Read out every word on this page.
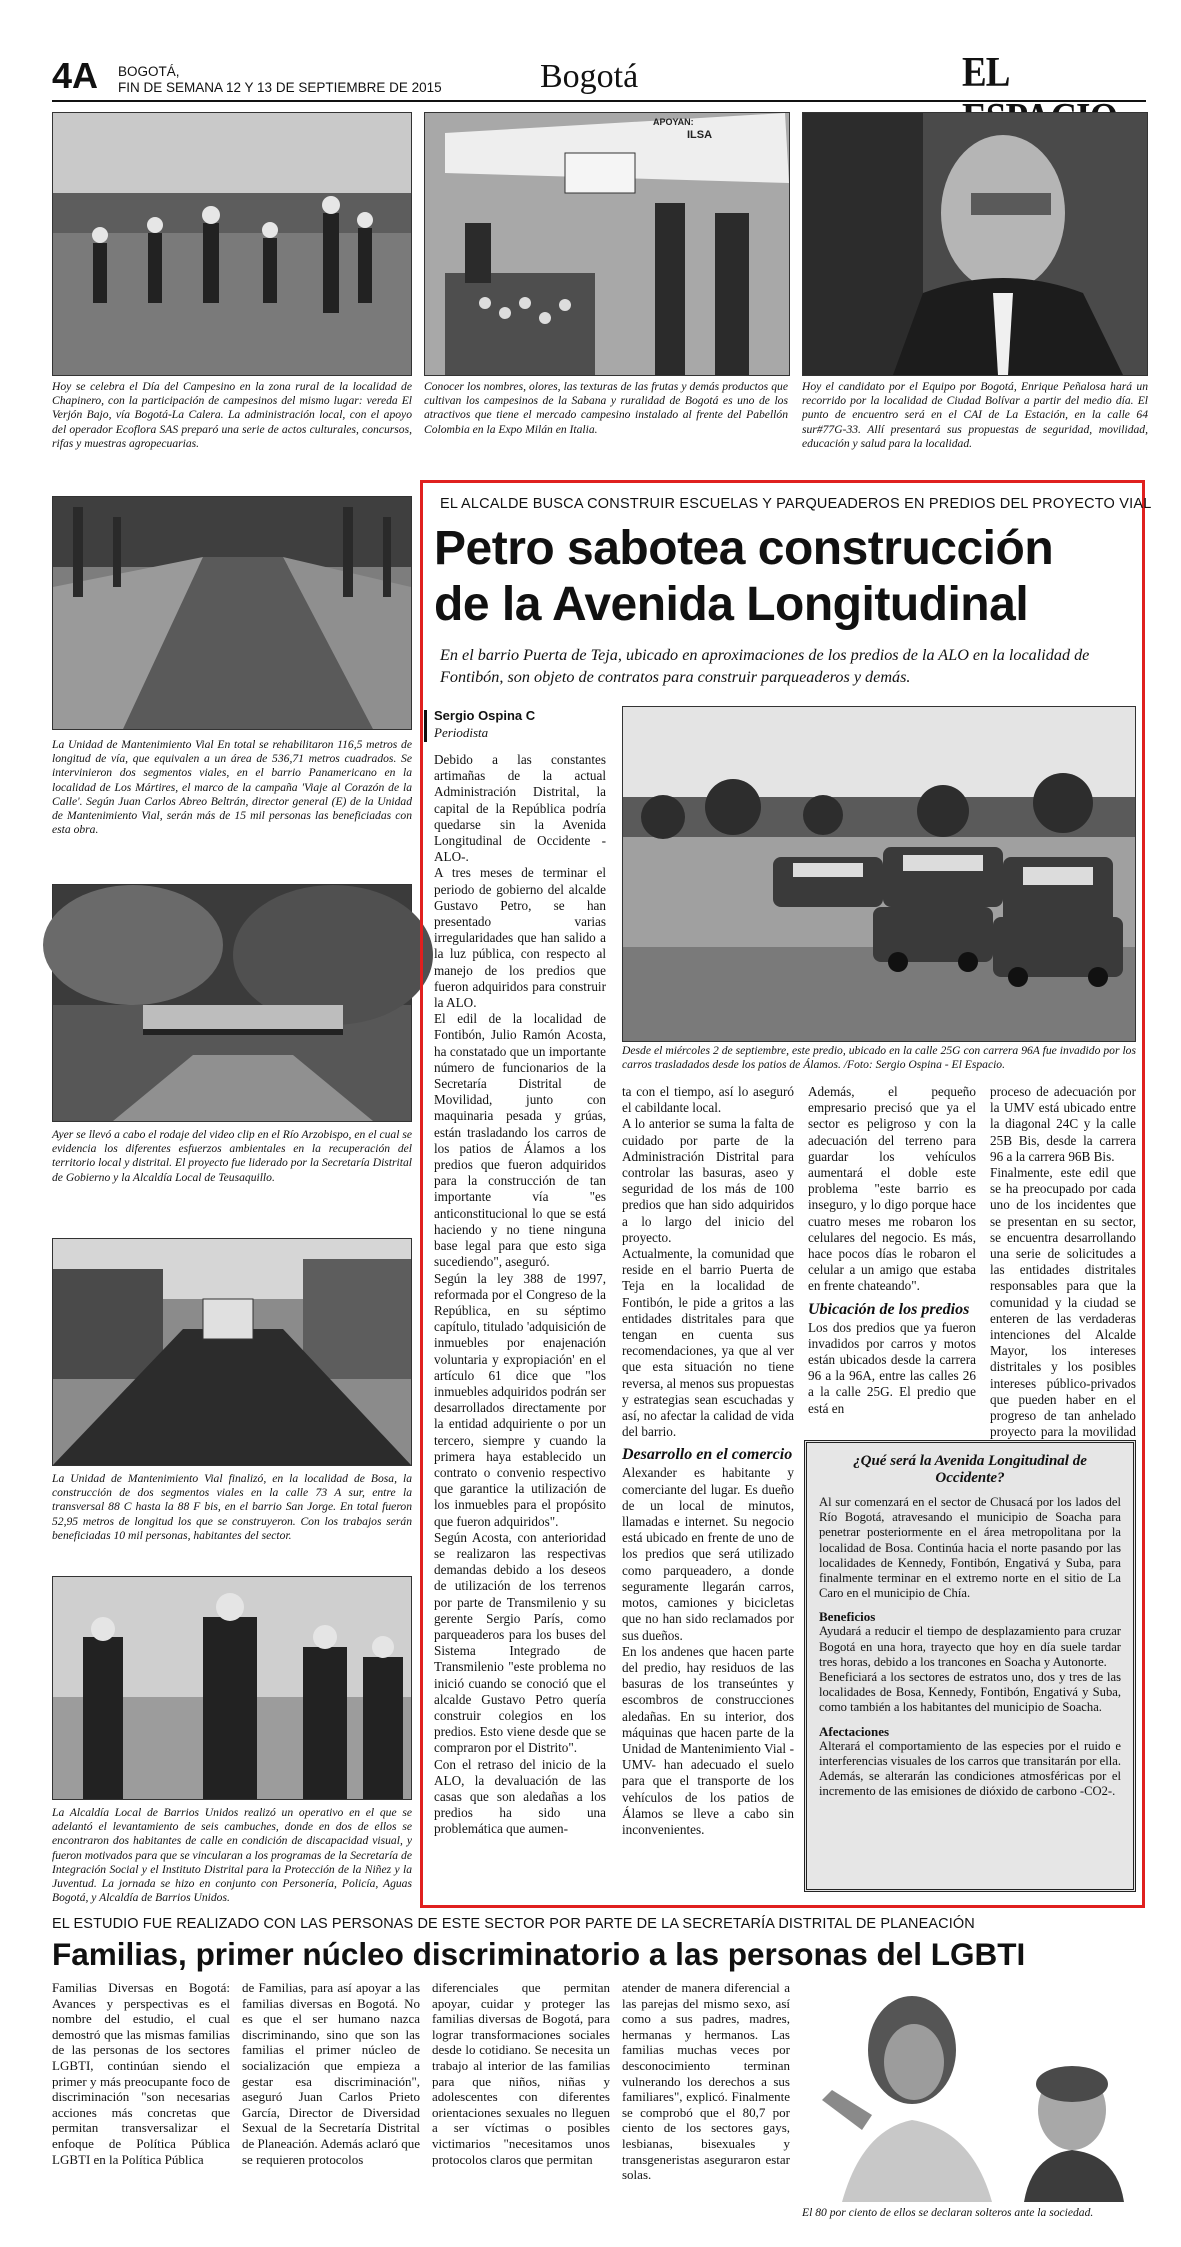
4A BOGOTÁ,
FIN DE SEMANA 12 Y 13 DE SEPTIEMBRE DE 2015	Bogotá	EL
Hoy se celebra el Día del Campesino en la zona rural de la localidad de Chapinero, con la participación de campesinos del mismo lugar: vereda El Verjón Bajo, vía Bogotá-La Calera. La administración local, con el apoyo del operador Ecoflora SAS preparó una serie de actos culturales, concursos, rifas y muestras agropecuarias.
APOYAN:
ILSA
Conocer los nombres, olores, las texturas de las frutas y demás productos que cultivan los campesinos de la Sabana y ruralidad de Bogotá es uno de los atractivos que tiene el mercado campesino instalado al frente del Pabellón Colombia en la Expo Milán en Italia.
Hoy el candidato por el Equipo por Bogotá, Enrique Peñalosa hará un recorrido por la localidad de Ciudad Bolívar a partir del medio día. El punto de encuentro será en el CAI de La Estación, en la calle 64 sur#77G-33. Allí presentará sus propuestas de seguridad, movilidad, educación y salud para la localidad.
La Unidad de Mantenimiento Vial En total se rehabilitaron 116,5 metros de longitud de vía, que equivalen a un área de 536,71 metros cuadrados. Se intervinieron dos segmentos viales, en el barrio Panamericano en la localidad de Los Mártires, el marco de la campaña 'Viaje al Corazón de la Calle'. Según Juan Carlos Abreo Beltrán, director general (E) de la Unidad de Mantenimiento Vial, serán más de 15 mil personas las beneficiadas con esta obra.
Ayer se llevó a cabo el rodaje del video clip en el Río Arzobispo, en el cual se evidencia los diferentes esfuerzos ambientales en la recuperación del territorio local y distrital. El proyecto fue liderado por la Secretaría Distrital de Gobierno y la Alcaldía Local de Teusaquillo.
La Unidad de Mantenimiento Vial finalizó, en la localidad de Bosa, la construcción de dos segmentos viales en la calle 73 A sur, entre la transversal 88 C hasta la 88 F bis, en el barrio San Jorge. En total fueron 52,95 metros de longitud los que se construyeron. Con los trabajos serán beneficiadas 10 mil personas, habitantes del sector.
La Alcaldía Local de Barrios Unidos realizó un operativo en el que se adelantó el levantamiento de seis cambuches, donde en dos de ellos se encontraron dos habitantes de calle en condición de discapacidad visual, y fueron motivados para que se vincularan a los programas de la Secretaría de Integración Social y el Instituto Distrital para la Protección de la Niñez y la Juventud. La jornada se hizo en conjunto con Personería, Policía, Aguas Bogotá, y Alcaldía de Barrios Unidos.
EL ALCALDE BUSCA CONSTRUIR ESCUELAS Y PARQUEADEROS EN PREDIOS DEL PROYECTO VIAL
Petro sabotea construcción
de la Avenida Longitudinal
En el barrio Puerta de Teja, ubicado en aproximaciones de los predios de la ALO en la localidad de Fontibón, son objeto de contratos para construir parqueaderos y demás.
Sergio Ospina C
Periodista
Desde el miércoles 2 de septiembre, este predio, ubicado en la calle 25G con carrera 96A fue invadido por los carros trasladados desde los patios de Álamos. /Foto: Sergio Ospina - El Espacio.

Debido a las constantes artimañas de la actual Administración Distrital, la capital de la República podría quedarse sin la Avenida Longitudinal de Occidente -ALO-.

A tres meses de terminar el periodo de gobierno del alcalde Gustavo Petro, se han presentado varias irregularidades que han salido a la luz pública, con respecto al manejo de los predios que fueron adquiridos para construir la ALO.

El edil de la localidad de Fontibón, Julio Ramón Acosta, ha constatado que un importante número de funcionarios de la Secretaría Distrital de Movilidad, junto con maquinaria pesada y grúas, están trasladando los carros de los patios de Álamos a los predios que fueron adquiridos para la construcción de tan importante vía "es anticonstitucional lo que se está haciendo y no tiene ninguna base legal para que esto siga sucediendo", aseguró.

Según la ley 388 de 1997, reformada por el Congreso de la República, en su séptimo capítulo, titulado 'adquisición de inmuebles por enajenación voluntaria y expropiación' en el artículo 61 dice que "los inmuebles adquiridos podrán ser desarrollados directamente por la entidad adquiriente o por un tercero, siempre y cuando la primera haya establecido un contrato o convenio respectivo que garantice la utilización de los inmuebles para el propósito que fueron adquiridos".

Según Acosta, con anterioridad se realizaron las respectivas demandas debido a los deseos de utilización de los terrenos por parte de Transmilenio y su gerente Sergio París, como parqueaderos para los buses del Sistema Integrado de Transmilenio "este problema no inició cuando se conoció que el alcalde Gustavo Petro quería construir colegios en los predios. Esto viene desde que se compraron por el Distrito".

Con el retraso del inicio de la ALO, la devaluación de las casas que son aledañas a los predios ha sido una problemática que aumen-

ta con el tiempo, así lo aseguró el cabildante local.

A lo anterior se suma la falta de cuidado por parte de la Administración Distrital para controlar las basuras, aseo y seguridad de los más de 100 predios que han sido adquiridos a lo largo del inicio del proyecto.

Actualmente, la comunidad que reside en el barrio Puerta de Teja en la localidad de Fontibón, le pide a gritos a las entidades distritales para que tengan en cuenta sus recomendaciones, ya que al ver que esta situación no tiene reversa, al menos sus propuestas y estrategias sean escuchadas y así, no afectar la calidad de vida del barrio.

Desarrollo en el comercio

Alexander es habitante y comerciante del lugar. Es dueño de un local de minutos, llamadas e internet. Su negocio está ubicado en frente de uno de los predios que será utilizado como parqueadero, a donde seguramente llegarán carros, motos, camiones y bicicletas que no han sido reclamados por sus dueños.

En los andenes que hacen parte del predio, hay residuos de las basuras de los transeúntes y escombros de construcciones aledañas. En su interior, dos máquinas que hacen parte de la Unidad de Mantenimiento Vial -UMV- han adecuado el suelo para que el transporte de los vehículos de los patios de Álamos se lleve a cabo sin inconvenientes.

Además, el pequeño empresario precisó que ya el sector es peligroso y con la adecuación del terreno para guardar los vehículos aumentará el doble este problema "este barrio es inseguro, y lo digo porque hace cuatro meses me robaron los celulares del negocio. Es más, hace pocos días le robaron el celular a un amigo que estaba en frente chateando".

Ubicación de los predios

Los dos predios que ya fueron invadidos por carros y motos están ubicados desde la carrera 96 a la 96A, entre las calles 26 a la calle 25G. El predio que está en

proceso de adecuación por la UMV está ubicado entre la diagonal 24C y la calle 25B Bis, desde la carrera 96 a la carrera 96B Bis.

Finalmente, este edil que se ha preocupado por cada uno de los incidentes que se presentan en su sector, se encuentra desarrollando una serie de solicitudes a las entidades distritales responsables para que la comunidad y la ciudad se enteren de las verdaderas intenciones del Alcalde Mayor, los intereses distritales y los posibles intereses público-privados que pueden haber en el progreso de tan anhelado proyecto para la movilidad

¿Qué será la Avenida Longitudinal de Occidente?
Al sur comenzará en el sector de Chusacá por los lados del Río Bogotá, atravesando el municipio de Soacha para penetrar posteriormente en el área metropolitana por la localidad de Bosa. Continúa hacia el norte pasando por las localidades de Kennedy, Fontibón, Engativá y Suba, para finalmente terminar en el extremo norte en el sitio de La Caro en el municipio de Chía.
Beneficios
Ayudará a reducir el tiempo de desplazamiento para cruzar Bogotá en una hora, trayecto que hoy en día suele tardar tres horas, debido a los trancones en Soacha y Autonorte.
Beneficiará a los sectores de estratos uno, dos y tres de las localidades de Bosa, Kennedy, Fontibón, Engativá y Suba, como también a los habitantes del municipio de Soacha.
Afectaciones
Alterará el comportamiento de las especies por el ruido e interferencias visuales de los carros que transitarán por ella. Además, se alterarán las condiciones atmosféricas por el incremento de las emisiones de dióxido de carbono -CO2-.
EL ESTUDIO FUE REALIZADO CON LAS PERSONAS DE ESTE SECTOR POR PARTE DE LA SECRETARÍA DISTRITAL DE PLANEACIÓN
Familias, primer núcleo discriminatorio a las personas del LGBTI
Familias Diversas en Bogotá: Avances y perspectivas es el nombre del estudio, el cual demostró que las mismas familias de las personas de los sectores LGBTI, continúan siendo el primer y más preocupante foco de discriminación "son necesarias acciones más concretas que permitan transversalizar el enfoque de Política Pública LGBTI en la Política Pública
de Familias, para así apoyar a las familias diversas en Bogotá. No es que el ser humano nazca discriminando, sino que son las familias el primer núcleo de socialización que empieza a gestar esa discriminación", aseguró Juan Carlos Prieto García, Director de Diversidad Sexual de la Secretaría Distrital de Planeación. Además aclaró que se requieren protocolos
diferenciales que permitan apoyar, cuidar y proteger las familias diversas de Bogotá, para lograr transformaciones sociales desde lo cotidiano. Se necesita un trabajo al interior de las familias para que niños, niñas y adolescentes con diferentes orientaciones sexuales no lleguen a ser víctimas o posibles victimarios "necesitamos unos protocolos claros que permitan
atender de manera diferencial a las parejas del mismo sexo, así como a sus padres, madres, hermanas y hermanos. Las familias muchas veces por desconocimiento terminan vulnerando los derechos a sus familiares", explicó. Finalmente se comprobó que el 80,7 por ciento de los sectores gays, lesbianas, bisexuales y transgeneristas aseguraron estar solas.
El 80 por ciento de ellos se declaran solteros ante la sociedad.
